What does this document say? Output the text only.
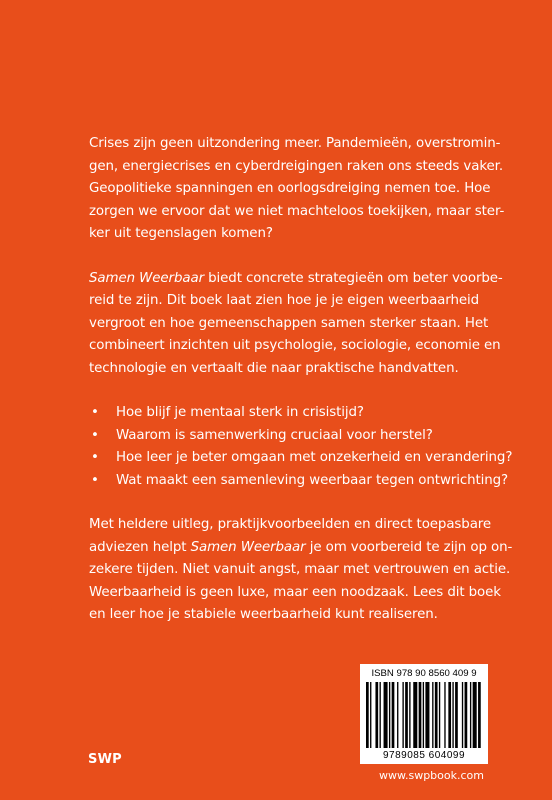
Crises zijn geen uitzondering meer. Pandemieën, overstromin-
gen, energiecrises en cyberdreigingen raken ons steeds vaker.
Geopolitieke spanningen en oorlogsdreiging nemen toe. Hoe
zorgen we ervoor dat we niet machteloos toekijken, maar ster-
ker uit tegenslagen komen?

Samen Weerbaar biedt concrete strategieën om beter voorbe-
reid te zijn. Dit boek laat zien hoe je je eigen weerbaarheid
vergroot en hoe gemeenschappen samen sterker staan. Het
combineert inzichten uit psychologie, sociologie, economie en
technologie en vertaalt die naar praktische handvatten.

• Hoe blijf je mentaal sterk in crisistijd?
• Waarom is samenwerking cruciaal voor herstel?
• Hoe leer je beter omgaan met onzekerheid en verandering?
• Wat maakt een samenleving weerbaar tegen ontwrichting?

Met heldere uitleg, praktijkvoorbeelden en direct toepasbare
adviezen helpt Samen Weerbaar je om voorbereid te zijn op on-
zekere tijden. Niet vanuit angst, maar met vertrouwen en actie.
Weerbaarheid is geen luxe, maar een noodzaak. Lees dit boek
en leer hoe je stabiele weerbaarheid kunt realiseren.

SWP
ISBN 978 90 8560 409 9
9789085 604099
www.swpbook.com
